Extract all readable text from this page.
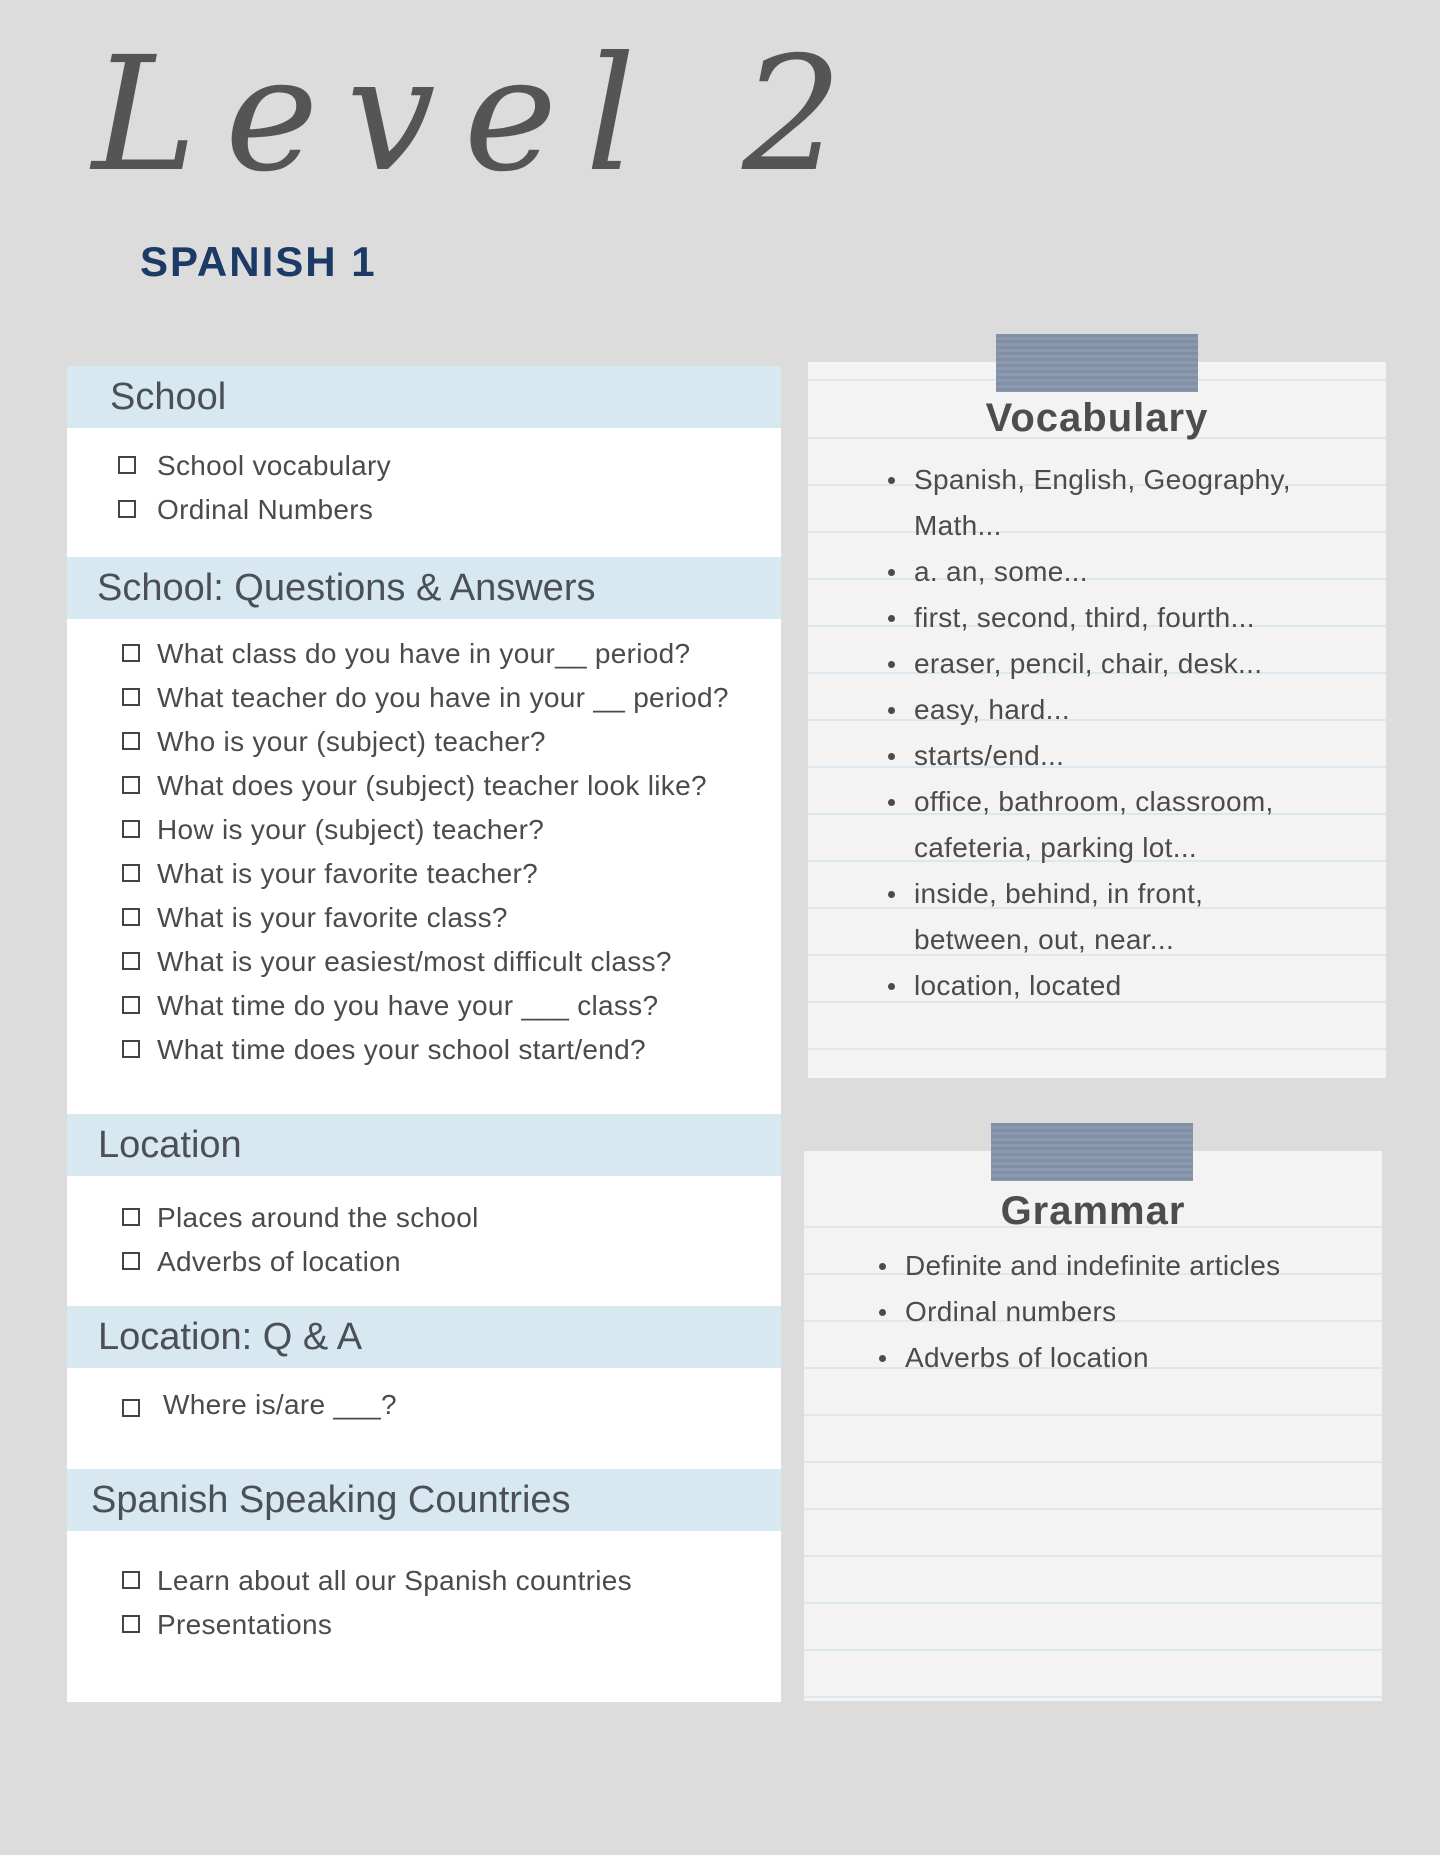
Level 2
SPANISH 1
School
School vocabulary
Ordinal Numbers
School: Questions & Answers
What class do you have in your__ period?
What teacher do you have in your __ period?
Who is your (subject) teacher?
What does your (subject) teacher look like?
How is your (subject) teacher?
What is your favorite teacher?
What is your favorite class?
What is your easiest/most difficult class?
What time do you have your ___ class?
What time does your school start/end?
Location
Places around the school
Adverbs of location
Location: Q & A
Where is/are ___?
Spanish Speaking Countries
Learn about all our Spanish countries
Presentations
Vocabulary
Spanish, English, Geography,
Math...
a. an, some...
first, second, third, fourth...
eraser, pencil, chair, desk...
easy, hard...
starts/end...
office, bathroom, classroom,
cafeteria, parking lot...
inside, behind, in front,
between, out, near...
location, located
Grammar
Definite and indefinite articles
Ordinal numbers
Adverbs of location
